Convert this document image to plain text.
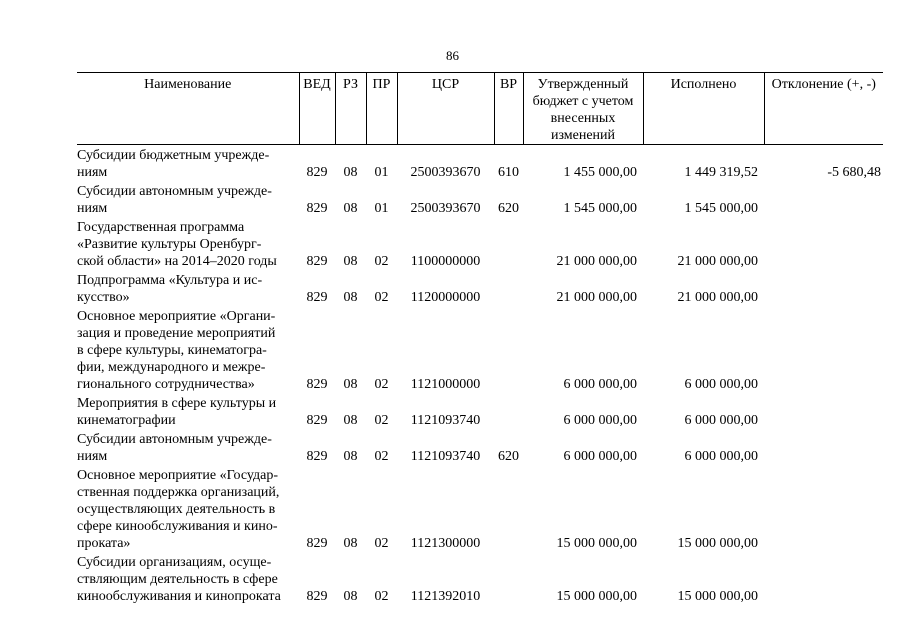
86
Наименование	ВЕД	РЗ	ПР	ЦСР	ВР	Утвержденный бюджет с учетом внесенных изменений	Исполнено	Отклонение (+, -)
Субсидии бюджетным учрежде-
ниям	829	08	01	2500393670	610	1 455 000,00	1 449 319,52	-5 680,48
Субсидии автономным учрежде-
ниям	829	08	01	2500393670	620	1 545 000,00	1 545 000,00	
Государственная программа
«Развитие культуры Оренбург-
ской области» на 2014–2020 годы	829	08	02	1100000000		21 000 000,00	21 000 000,00	
Подпрограмма «Культура и ис-
кусство»	829	08	02	1120000000		21 000 000,00	21 000 000,00	
Основное мероприятие «Органи-
зация и проведение мероприятий
в сфере культуры, кинематогра-
фии, международного и межре-
гионального сотрудничества»	829	08	02	1121000000		6 000 000,00	6 000 000,00	
Мероприятия в сфере культуры и
кинематографии	829	08	02	1121093740		6 000 000,00	6 000 000,00	
Субсидии автономным учрежде-
ниям	829	08	02	1121093740	620	6 000 000,00	6 000 000,00	
Основное мероприятие «Государ-
ственная поддержка организаций,
осуществляющих деятельность в
сфере кинообслуживания и кино-
проката»	829	08	02	1121300000		15 000 000,00	15 000 000,00	
Субсидии организациям, осуще-
ствляющим деятельность в сфере
кинообслуживания и кинопроката	829	08	02	1121392010		15 000 000,00	15 000 000,00	
